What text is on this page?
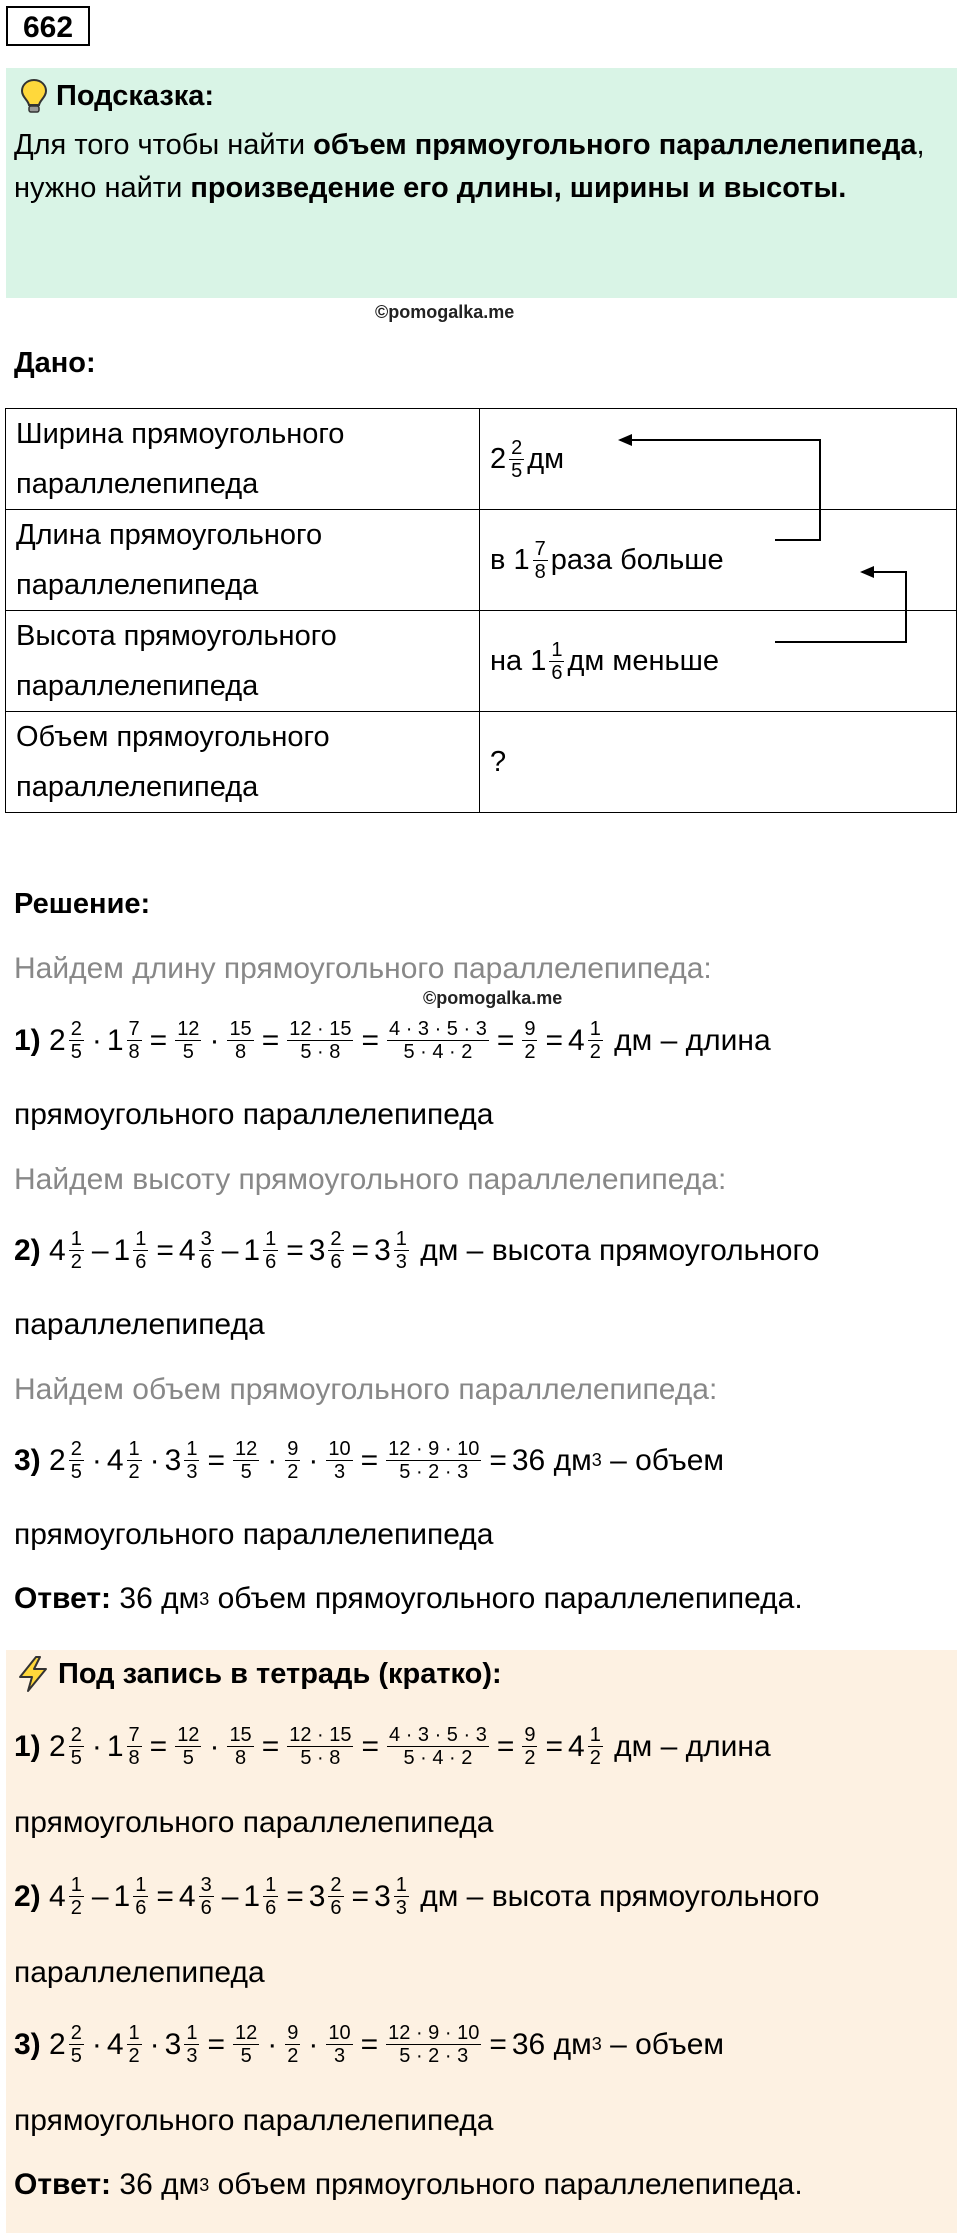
662
Подсказка:
Для того чтобы найти объем прямоугольного параллелепипеда, нужно найти произведение его длины, ширины и высоты.
©pomogalka.me
Дано:
Ширина прямоугольного параллелепипеда	$2 \frac{2}{5}$ дм

Длина прямоугольного параллелепипеда	в $1 \frac{7}{8}$ раза больше

Высота прямоугольного параллелепипеда	на $1 \frac{1}{6}$ дм меньше

Объем прямоугольного параллелепипеда	?
Решение:
Найдем длину прямоугольного параллелепипеда:
©pomogalka.me
1)
$2 \frac{2}{5} \cdot 1 \frac{7}{8} = \frac{12}{5} \cdot \frac{15}{8} = \frac{12 \cdot 15}{5 \cdot 8} = \frac{4 \cdot 3 \cdot 5 \cdot 3}{5 \cdot 4 \cdot 2} = \frac{9}{2} = 4 \frac{1}{2}$
дм – длина
прямоугольного параллелепипеда
Найдем высоту прямоугольного параллелепипеда:
2)
$4 \frac{1}{2} - 1 \frac{1}{6} = 4 \frac{3}{6} - 1 \frac{1}{6} = 3 \frac{2}{6} = 3 \frac{1}{3}$
дм – высота прямоугольного
параллелепипеда
Найдем объем прямоугольного параллелепипеда:
3)
$2 \frac{2}{5} \cdot 4 \frac{1}{2} \cdot 3 \frac{1}{3} = \frac{12}{5} \cdot \frac{9}{2} \cdot \frac{10}{3} = \frac{12 \cdot 9 \cdot 10}{5 \cdot 2 \cdot 3} = 36$ дм 3
– объем
прямоугольного параллелепипеда
Ответ:
36 дм 3
объем прямоугольного параллелепипеда.
Под запись в тетрадь (кратко):
1)
$2 \frac{2}{5} \cdot 1 \frac{7}{8} = \frac{12}{5} \cdot \frac{15}{8} = \frac{12 \cdot 15}{5 \cdot 8} = \frac{4 \cdot 3 \cdot 5 \cdot 3}{5 \cdot 4 \cdot 2} = \frac{9}{2} = 4 \frac{1}{2}$
дм – длина
прямоугольного параллелепипеда
2)
$4 \frac{1}{2} - 1 \frac{1}{6} = 4 \frac{3}{6} - 1 \frac{1}{6} = 3 \frac{2}{6} = 3 \frac{1}{3}$
дм – высота прямоугольного
параллелепипеда
3)
$2 \frac{2}{5} \cdot 4 \frac{1}{2} \cdot 3 \frac{1}{3} = \frac{12}{5} \cdot \frac{9}{2} \cdot \frac{10}{3} = \frac{12 \cdot 9 \cdot 10}{5 \cdot 2 \cdot 3} = 36$ дм 3
– объем
прямоугольного параллелепипеда
Ответ:
36 дм 3
объем прямоугольного параллелепипеда.
